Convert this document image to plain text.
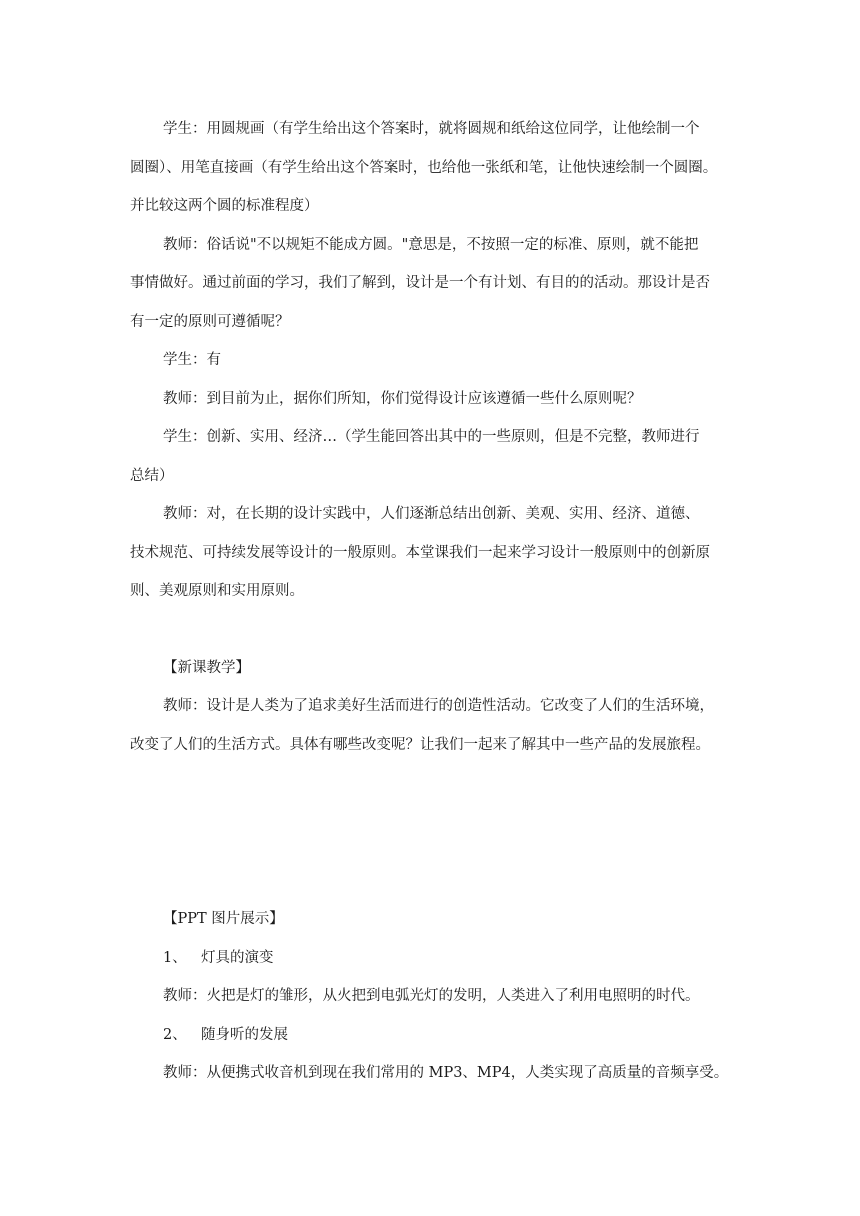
学生：用圆规画（有学生给出这个答案时，就将圆规和纸给这位同学，让他绘制一个
圆圈）、用笔直接画（有学生给出这个答案时，也给他一张纸和笔，让他快速绘制一个圆圈。
并比较这两个圆的标准程度）
教师：俗话说"不以规矩不能成方圆。"意思是，不按照一定的标准、原则，就不能把
事情做好。通过前面的学习，我们了解到，设计是一个有计划、有目的的活动。那设计是否
有一定的原则可遵循呢？
学生：有
教师：到目前为止，据你们所知，你们觉得设计应该遵循一些什么原则呢？
学生：创新、实用、经济…（学生能回答出其中的一些原则，但是不完整，教师进行
总结）
教师：对，在长期的设计实践中，人们逐渐总结出创新、美观、实用、经济、道德、
技术规范、可持续发展等设计的一般原则。本堂课我们一起来学习设计一般原则中的创新原
则、美观原则和实用原则。
【新课教学】
教师：设计是人类为了追求美好生活而进行的创造性活动。它改变了人们的生活环境，
改变了人们的生活方式。具体有哪些改变呢？让我们一起来了解其中一些产品的发展旅程。
【PPT 图片展示】
1、 灯具的演变
教师：火把是灯的雏形，从火把到电弧光灯的发明，人类进入了利用电照明的时代。
2、 随身听的发展
教师：从便携式收音机到现在我们常用的 MP3、MP4，人类实现了高质量的音频享受。
